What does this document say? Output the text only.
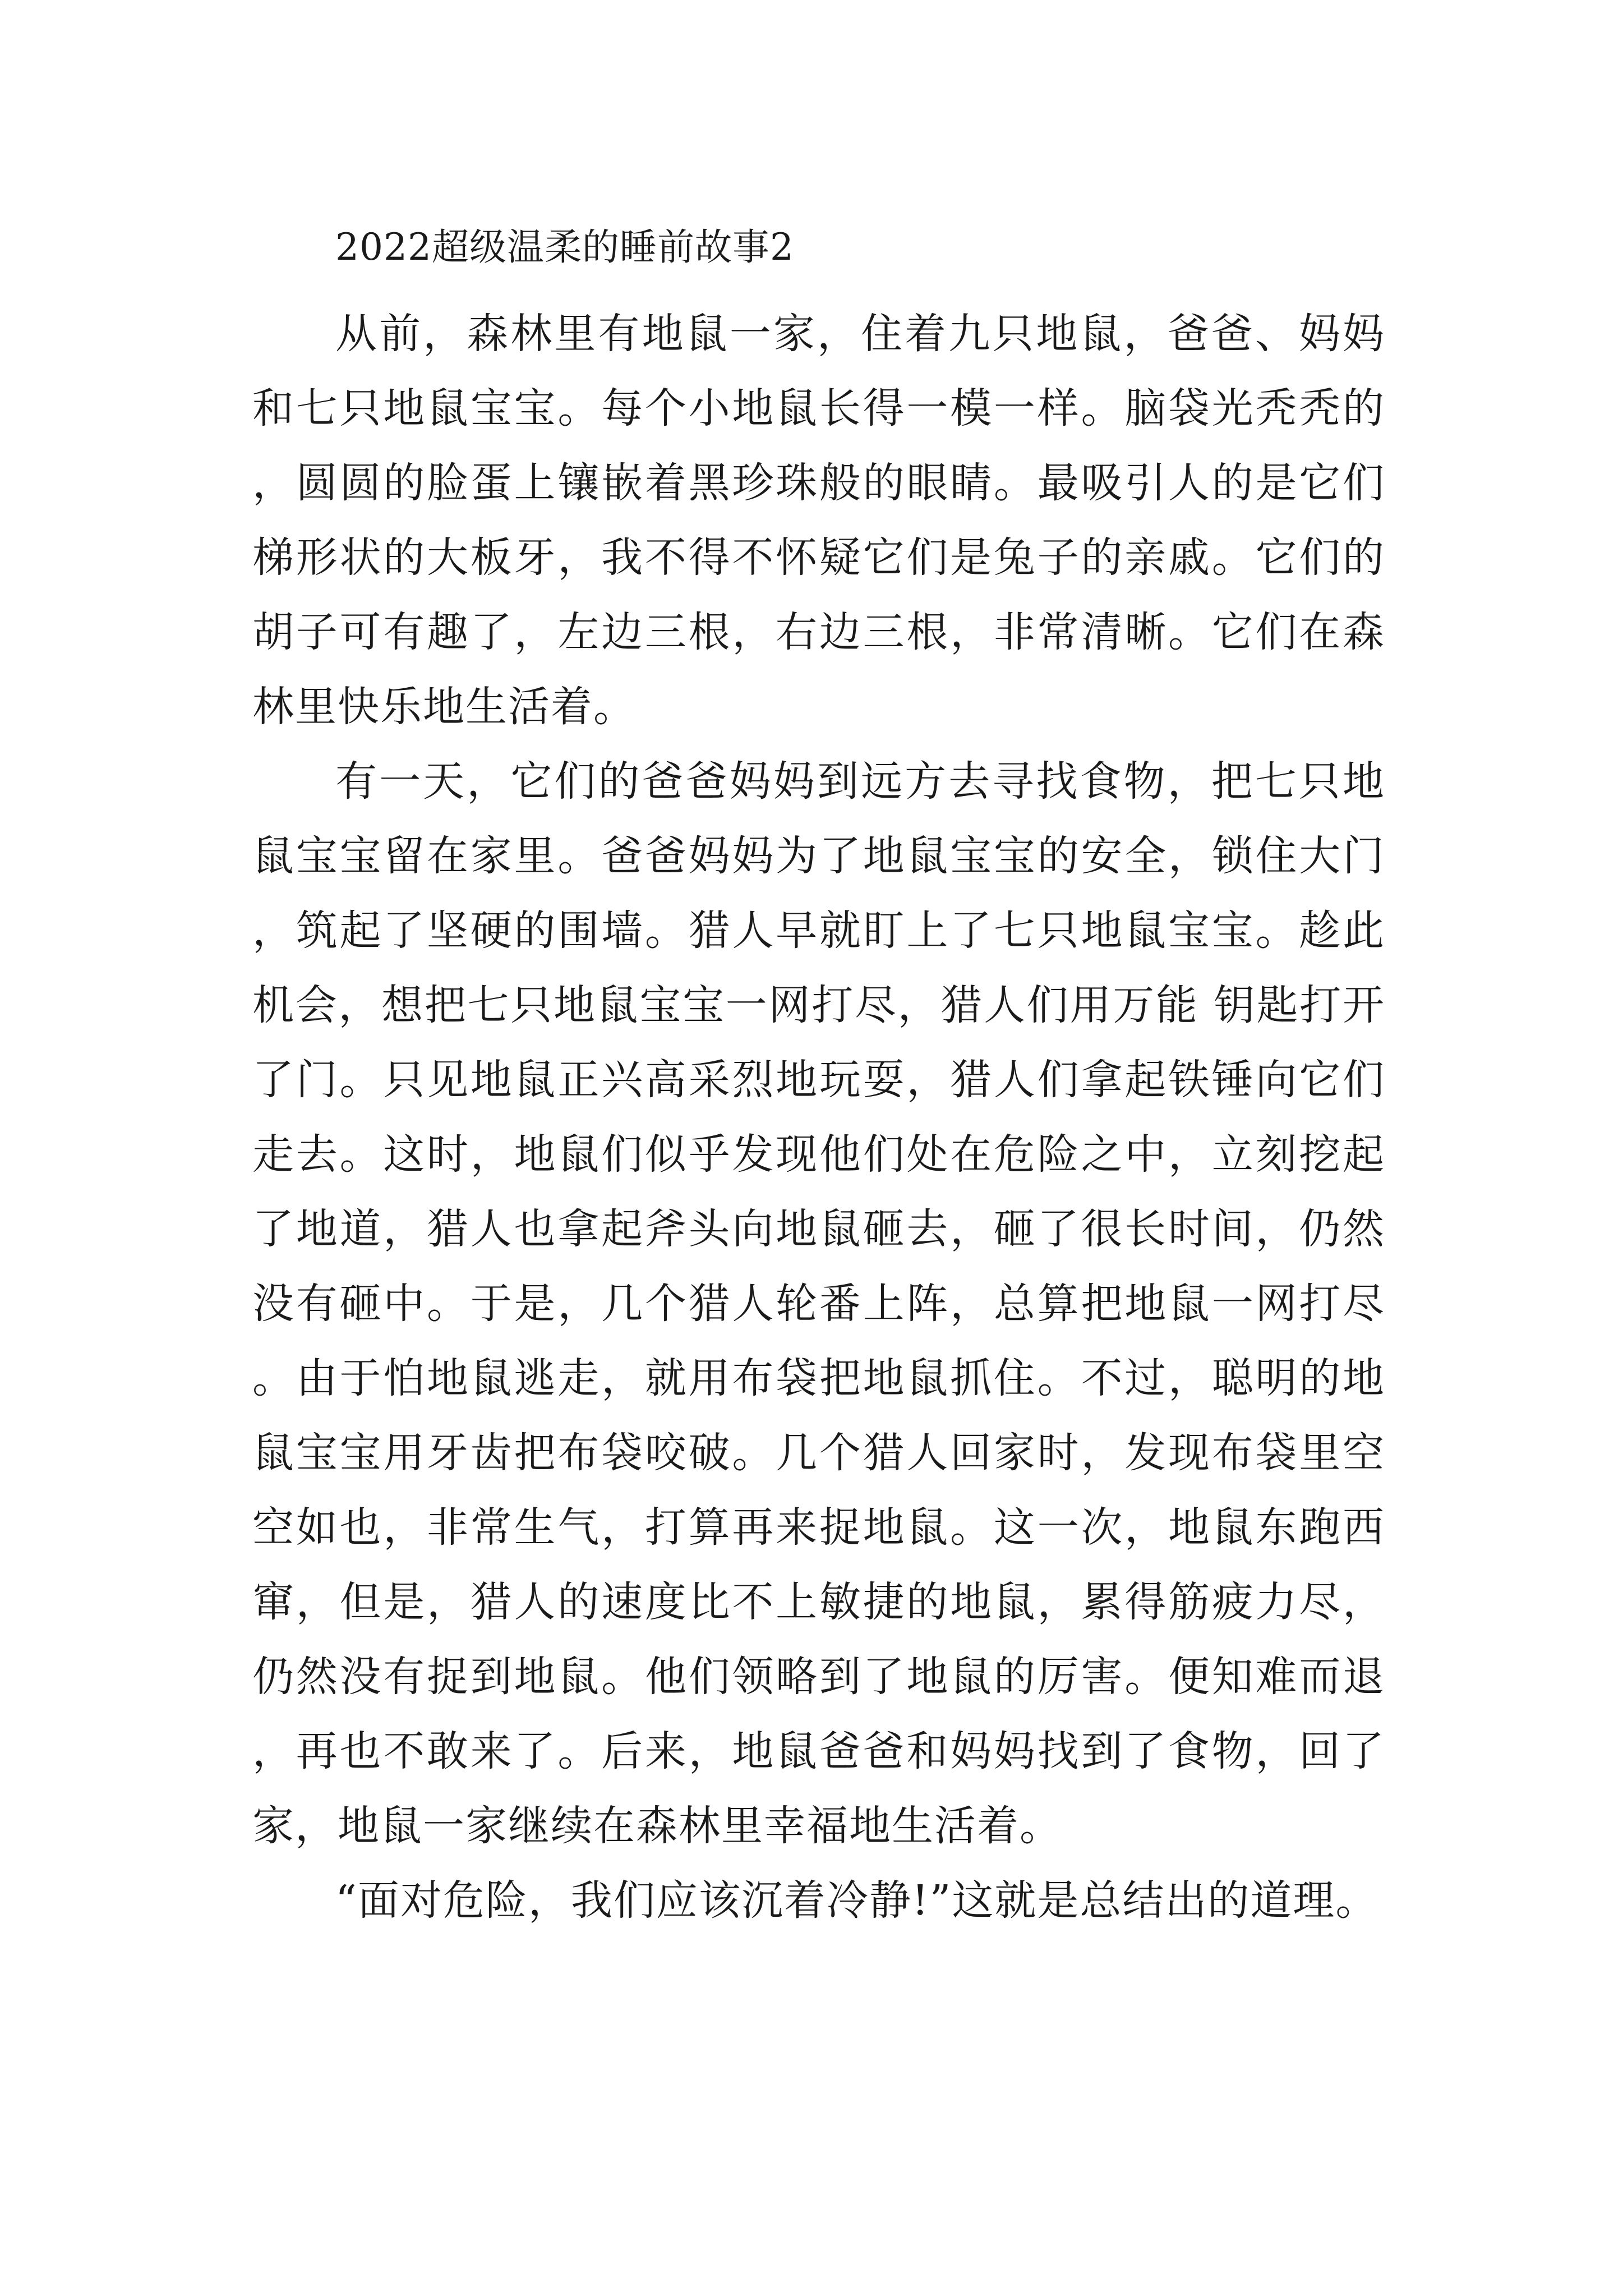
2022超级温柔的睡前故事2

从前，森林里有地鼠一家，住着九只地鼠，爸爸、妈妈和七只地鼠宝宝。每个小地鼠长得一模一样。脑袋光秃秃的，圆圆的脸蛋上镶嵌着黑珍珠般的眼睛。最吸引人的是它们梯形状的大板牙，我不得不怀疑它们是兔子的亲戚。它们的胡子可有趣了，左边三根，右边三根，非常清晰。它们在森林里快乐地生活着。

有一天，它们的爸爸妈妈到远方去寻找食物，把七只地鼠宝宝留在家里。爸爸妈妈为了地鼠宝宝的安全，锁住大门，筑起了坚硬的围墙。猎人早就盯上了七只地鼠宝宝。趁此机会，想把七只地鼠宝宝一网打尽，猎人们用万能 钥匙打开了门。只见地鼠正兴高采烈地玩耍，猎人们拿起铁锤向它们走去。这时，地鼠们似乎发现他们处在危险之中，立刻挖起了地道，猎人也拿起斧头向地鼠砸去，砸了很长时间，仍然没有砸中。于是，几个猎人轮番上阵，总算把地鼠一网打尽。由于怕地鼠逃走，就用布袋把地鼠抓住。不过，聪明的地鼠宝宝用牙齿把布袋咬破。几个猎人回家时，发现布袋里空空如也，非常生气，打算再来捉地鼠。这一次，地鼠东跑西窜，但是，猎人的速度比不上敏捷的地鼠，累得筋疲力尽，仍然没有捉到地鼠。他们领略到了地鼠的厉害。便知难而退，再也不敢来了。后来，地鼠爸爸和妈妈找到了食物，回了家，地鼠一家继续在森林里幸福地生活着。

“面对危险，我们应该沉着冷静!”这就是总结出的道理。
